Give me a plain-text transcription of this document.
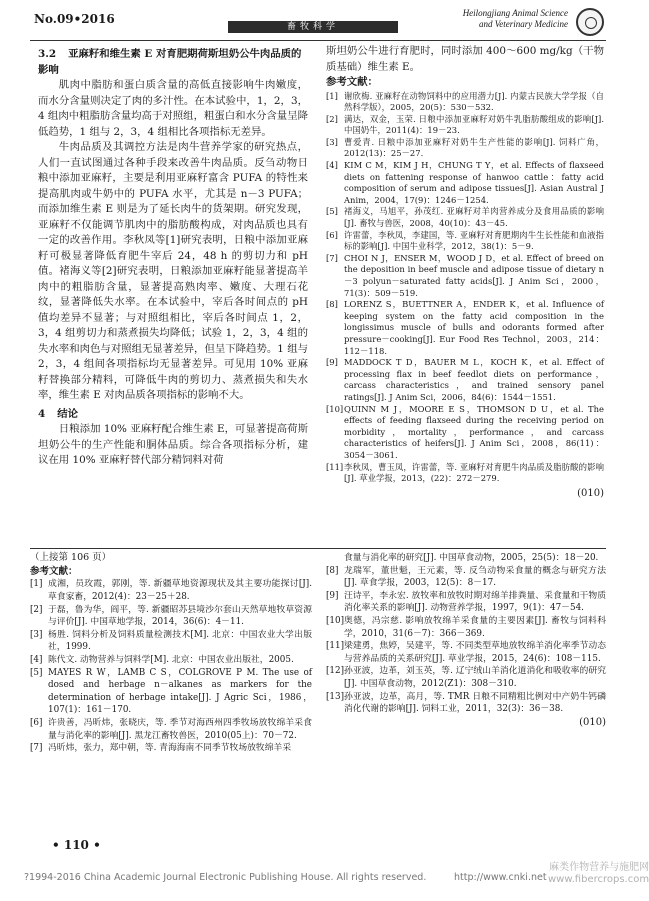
No.09•2016
畜牧科学
Heilongjiang Animal Science
and Veterinary Medicine
3.2 亚麻籽和维生素 E 对育肥期荷斯坦奶公牛肉品质的影响

肌肉中脂肪和蛋白质含量的高低直接影响牛肉嫩度，而水分含量则决定了肉的多汁性。在本试验中，1，2，3，4 组肉中粗脂肪含量均高于对照组，粗蛋白和水分含量呈降低趋势，1 组与 2，3，4 组相比各项指标无差异。

牛肉品质及其调控方法是肉牛营养学家的研究热点，人们一直试图通过各种手段来改善牛肉品质。反刍动物日粮中添加亚麻籽，主要是利用亚麻籽富含 PUFA 的特性来提高肌肉或牛奶中的 PUFA 水平，尤其是 n－3 PUFA；而添加维生素 E 则是为了延长肉牛的货架期。研究发现，亚麻籽不仅能调节肌肉中的脂肪酸构成，对肉品质也具有一定的改善作用。李秋凤等[1]研究表明，日粮中添加亚麻籽可极显著降低育肥牛宰后 24，48 h 的剪切力和 pH 值。褚海义等[2]研究表明，日粮添加亚麻籽能显著提高羊肉中的粗脂肪含量，显著提高熟肉率、嫩度、大理石花纹，显著降低失水率。在本试验中，宰后各时间点的 pH 值均差异不显著；与对照组相比，宰后各时间点 1，2，3，4 组剪切力和蒸煮损失均降低；试验 1，2，3，4 组的失水率和肉色与对照组无显著差异，但呈下降趋势。1 组与 2，3，4 组间各项指标均无显著差异。可见用 10% 亚麻籽替换部分精料，可降低牛肉的剪切力、蒸煮损失和失水率，维生素 E 对肉品质各项指标的影响不大。

4 结论

日粮添加 10% 亚麻籽配合维生素 E，可显著提高荷斯坦奶公牛的生产性能和胴体品质。综合各项指标分析，建议在用 10% 亚麻籽替代部分精饲料对荷

斯坦奶公牛进行育肥时，同时添加 400～600 mg/kg（干物质基础）维生素 E。

参考文献：
[1] 谢欣梅. 亚麻籽在动物饲料中的应用潜力[J]. 内蒙古民族大学学报（自然科学版），2005，20(5)：530－532.
[2] 满达，双金，玉荣. 日粮中添加亚麻籽对奶牛乳脂肪酸组成的影响[J]. 中国奶牛，2011(4)：19－23.
[3] 曹爱青. 日粮中添加亚麻籽对奶牛生产性能的影响[J]. 饲料广角，2012(13)：25－27.
[4] KIM C M，KIM J H，CHUNG T Y，et al. Effects of flaxseed diets on fattening response of hanwoo cattle：fatty acid composition of serum and adipose tissues[J]. Asian Austral J Anim，2004，17(9)：1246－1254.
[5] 褚海义，马旭平，孙茂红. 亚麻籽对羊肉营养成分及食用品质的影响[J]. 畜牧与兽医，2008，40(10)：43－45.
[6] 许雷蕾，李秋凤，李建国，等. 亚麻籽对育肥期肉牛生长性能和血液指标的影响[J]. 中国牛业科学，2012，38(1)：5－9.
[7] CHOI N J，ENSER M，WOOD J D，et al. Effect of breed on the deposition in beef muscle and adipose tissue of dietary n－3 polyun－saturated fatty acids[J]. J Anim Sci，2000，71(3)：509－519.
[8] LORENZ S，BUETTNER A，ENDER K，et al. Influence of keeping system on the fatty acid composition in the longissimus muscle of bulls and odorants formed after pressure－cooking[J]. Eur Food Res Technol，2003，214：112－118.
[9] MADDOCK T D，BAUER M L，KOCH K，et al. Effect of processing flax in beef feedlot diets on performance，carcass characteristics，and trained sensory panel ratings[J]. J Anim Sci，2006，84(6)：1544－1551.
[10] QUINN M J，MOORE E S，THOMSON D U，et al. The effects of feeding flaxseed during the receiving period on morbidity，mortality，performance，and carcass characteristics of heifers[J]. J Anim Sci，2008，86(11)：3054－3061.
[11] 李秋凤，曹玉凤，许雷蕾，等. 亚麻籽对育肥牛肉品质及脂肪酸的影响[J]. 草业学报，2013，(22)：272－279.
(010)
（上接第 106 页）
参考文献：
[1] 成湘，员玫霞，郭刚，等. 新疆草地资源现状及其主要功能探讨[J]. 草食家畜，2012(4)：23－25＋28.
[2] 于磊，鲁为华，阎平，等. 新疆昭苏县境沙尔套山天然草地牧草资源与评价[J]. 中国草地学报，2014，36(6)：4－11.
[3] 杨胜. 饲料分析及饲料质量检测技术[M]. 北京：中国农业大学出版社，1999.
[4] 陈代文. 动物营养与饲料学[M]. 北京：中国农业出版社，2005.
[5] MAYES R W，LAMB C S，COLGROVE P M. The use of dosed and herbage n－alkanes as markers for the determination of herbage intake[J]. J Agric Sci，1986，107(1)：161－170.
[6] 许贵善，冯昕炜，张晓庆，等. 季节对海西州四季牧场放牧绵羊采食量与消化率的影响[J]. 黑龙江畜牧兽医，2010(05上)：70－72.
[7] 冯昕炜，张力，郑中朝，等. 青海海南不同季节牧场放牧绵羊采
食量与消化率的研究[J]. 中国草食动物，2005，25(5)：18－20.
[8] 龙瑞军，董世魁，王元素，等. 反刍动物采食量的概念与研究方法[J]. 草食学报，2003，12(5)：8－17.
[9] 汪诗平，李永宏. 放牧率和放牧时期对绵羊排粪量、采食量和干物质消化率关系的影响[J]. 动物营养学报，1997，9(1)：47－54.
[10] 奥德，冯宗慈. 影响放牧绵羊采食量的主要因素[J]. 畜牧与饲料科学，2010，31(6－7)：366－369.
[11] 梁建勇，焦婷，吴建平，等. 不同类型草地放牧绵羊消化率季节动态与营养品质的关系研究[J]. 草业学报，2015，24(6)：108－115.
[12] 孙亚波，边革，刘玉英，等. 辽宁绒山羊消化道消化和吸收率的研究[J]. 中国草食动物，2012(Z1)：308－310.
[13] 孙亚波，边革，高月，等. TMR 日粮不同精粗比例对中产奶牛钙磷消化代谢的影响[J]. 饲料工业，2011，32(3)：36－38.
(010)
• 110 •
?1994-2016 China Academic Journal Electronic Publishing House. All rights reserved.	http://www.cnki.net
麻类作物营养与施肥网 www.fibercrops.com
